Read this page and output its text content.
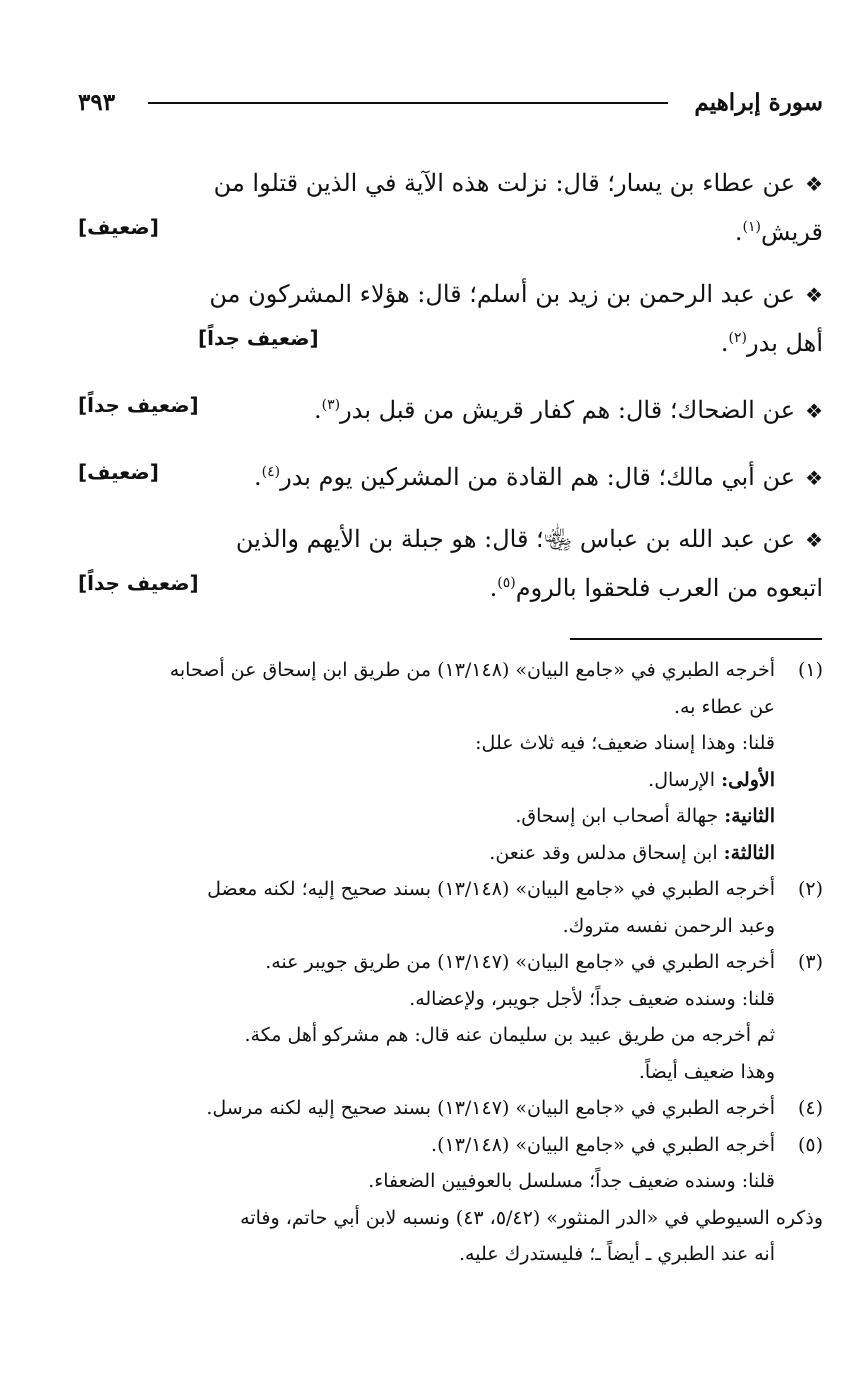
سورة إبراهيم
٣٩٣
❖عن عطاء بن يسار؛ قال: نزلت هذه الآية في الذين قتلوا من
قريش$^{(١)}$.
[ضعيف]
❖عن عبد الرحمن بن زيد بن أسلم؛ قال: هؤلاء المشركون من
أهل بدر$^{(٢)}$.
[ضعيف جداً]
❖عن الضحاك؛ قال: هم كفار قريش من قبل بدر$^{(٣)}$.
[ضعيف جداً]
❖عن أبي مالك؛ قال: هم القادة من المشركين يوم بدر$^{(٤)}$.
[ضعيف]
❖عن عبد الله بن عباس ﵄؛ قال: هو جبلة بن الأيهم والذين
اتبعوه من العرب فلحقوا بالروم$^{(٥)}$.
[ضعيف جداً]
(١)أخرجه الطبري في «جامع البيان» (١٣/١٤٨) من طريق ابن إسحاق عن أصحابه
عن عطاء به.
قلنا: وهذا إسناد ضعيف؛ فيه ثلاث علل:
الأولى: الإرسال.
الثانية: جهالة أصحاب ابن إسحاق.
الثالثة: ابن إسحاق مدلس وقد عنعن.
(٢)أخرجه الطبري في «جامع البيان» (١٣/١٤٨) بسند صحيح إليه؛ لكنه معضل
وعبد الرحمن نفسه متروك.
(٣)أخرجه الطبري في «جامع البيان» (١٣/١٤٧) من طريق جويبر عنه.
قلنا: وسنده ضعيف جداً؛ لأجل جويبر، ولإعضاله.
ثم أخرجه من طريق عبيد بن سليمان عنه قال: هم مشركو أهل مكة.
وهذا ضعيف أيضاً.
(٤)أخرجه الطبري في «جامع البيان» (١٣/١٤٧) بسند صحيح إليه لكنه مرسل.
(٥)أخرجه الطبري في «جامع البيان» (١٣/١٤٨).
قلنا: وسنده ضعيف جداً؛ مسلسل بالعوفيين الضعفاء.
وذكره السيوطي في «الدر المنثور» (٥/٤٢، ٤٣) ونسبه لابن أبي حاتم، وفاته
أنه عند الطبري ـ أيضاً ـ؛ فليستدرك عليه.
